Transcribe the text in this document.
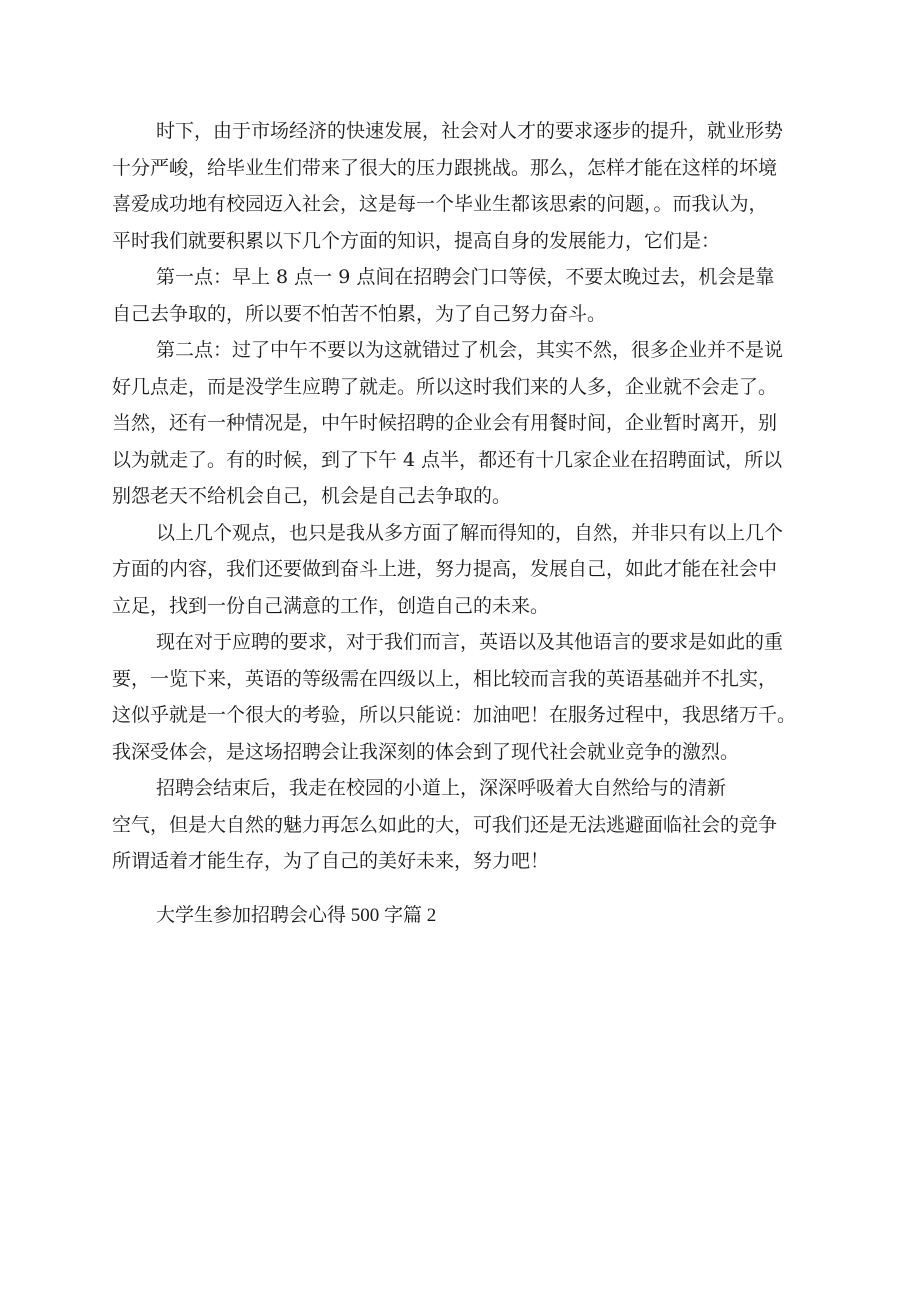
时下，由于市场经济的快速发展，社会对人才的要求逐步的提升，就业形势
十分严峻，给毕业生们带来了很大的压力跟挑战。那么，怎样才能在这样的坏境
喜爱成功地有校园迈入社会，这是每一个毕业生都该思索的问题，。而我认为，
平时我们就要积累以下几个方面的知识，提高自身的发展能力，它们是：
第一点：早上 8 点一 9 点间在招聘会门口等侯，不要太晚过去，机会是靠
自己去争取的，所以要不怕苦不怕累，为了自己努力奋斗。
第二点：过了中午不要以为这就错过了机会，其实不然，很多企业并不是说
好几点走，而是没学生应聘了就走。所以这时我们来的人多，企业就不会走了。
当然，还有一种情况是，中午时候招聘的企业会有用餐时间，企业暂时离开，别
以为就走了。有的时候，到了下午 4 点半，都还有十几家企业在招聘面试，所以
别怨老天不给机会自己，机会是自己去争取的。
以上几个观点，也只是我从多方面了解而得知的，自然，并非只有以上几个
方面的内容，我们还要做到奋斗上进，努力提高，发展自己，如此才能在社会中
立足，找到一份自己满意的工作，创造自己的未来。
现在对于应聘的要求，对于我们而言，英语以及其他语言的要求是如此的重
要，一览下来，英语的等级需在四级以上，相比较而言我的英语基础并不扎实，
这似乎就是一个很大的考验，所以只能说：加油吧！在服务过程中，我思绪万千。
我深受体会，是这场招聘会让我深刻的体会到了现代社会就业竞争的激烈。
招聘会结束后，我走在校园的小道上，深深呼吸着大自然给与的清新
空气，但是大自然的魅力再怎么如此的大，可我们还是无法逃避面临社会的竞争
所谓适着才能生存，为了自己的美好未来，努力吧！
大学生参加招聘会心得 500 字篇 2
